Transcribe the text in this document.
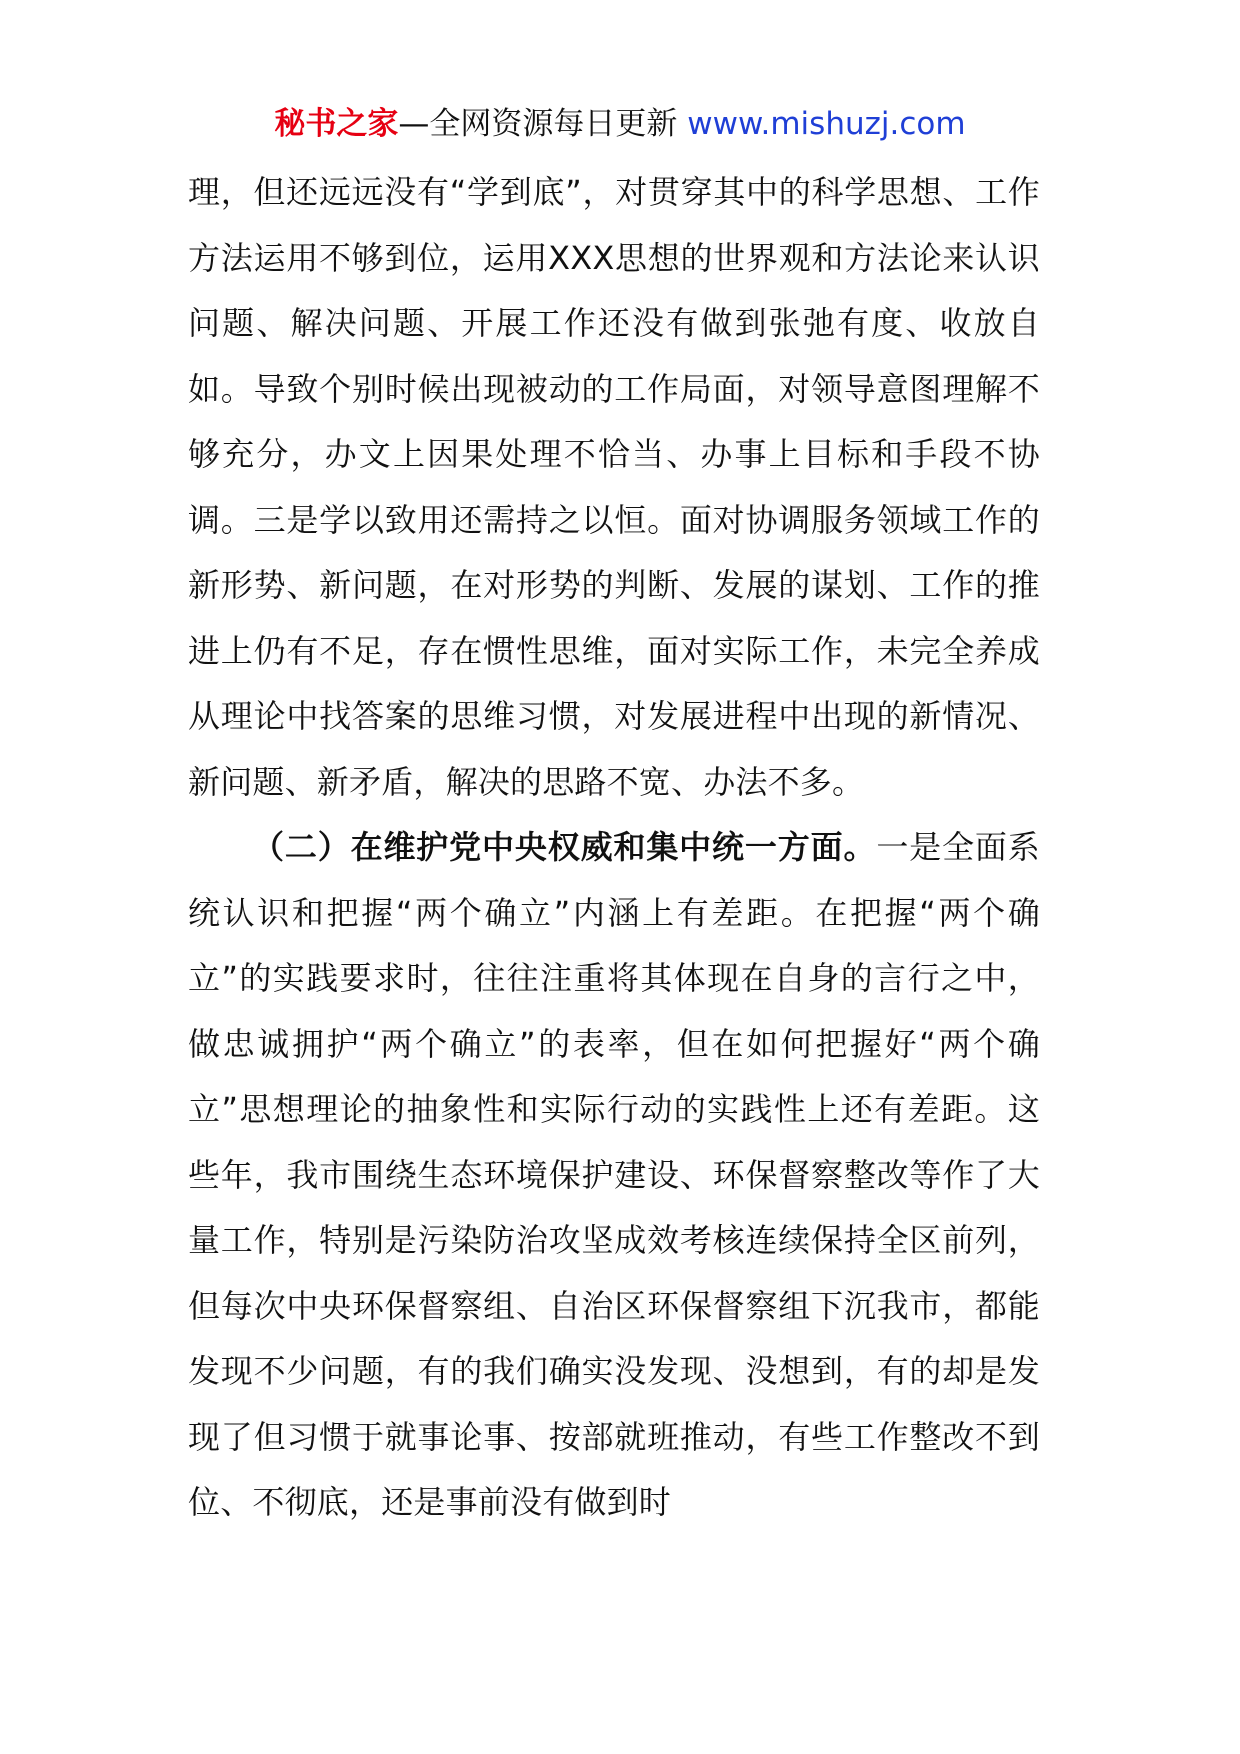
秘书之家—全网资源每日更新 www.mishuzj.com

理，但还远远没有“学到底”，对贯穿其中的科学思想、工作方法运用不够到位，运用XXX思想的世界观和方法论来认识问题、解决问题、开展工作还没有做到张弛有度、收放自如。导致个别时候出现被动的工作局面，对领导意图理解不够充分，办文上因果处理不恰当、办事上目标和手段不协调。三是学以致用还需持之以恒。面对协调服务领域工作的新形势、新问题，在对形势的判断、发展的谋划、工作的推进上仍有不足，存在惯性思维，面对实际工作，未完全养成从理论中找答案的思维习惯，对发展进程中出现的新情况、新问题、新矛盾，解决的思路不宽、办法不多。

（二）在维护党中央权威和集中统一方面。一是全面系统认识和把握“两个确立”内涵上有差距。在把握“两个确立”的实践要求时，往往注重将其体现在自身的言行之中，做忠诚拥护“两个确立”的表率，但在如何把握好“两个确立”思想理论的抽象性和实际行动的实践性上还有差距。这些年，我市围绕生态环境保护建设、环保督察整改等作了大量工作，特别是污染防治攻坚成效考核连续保持全区前列，但每次中央环保督察组、自治区环保督察组下沉我市，都能发现不少问题，有的我们确实没发现、没想到，有的却是发现了但习惯于就事论事、按部就班推动，有些工作整改不到位、不彻底，还是事前没有做到时
